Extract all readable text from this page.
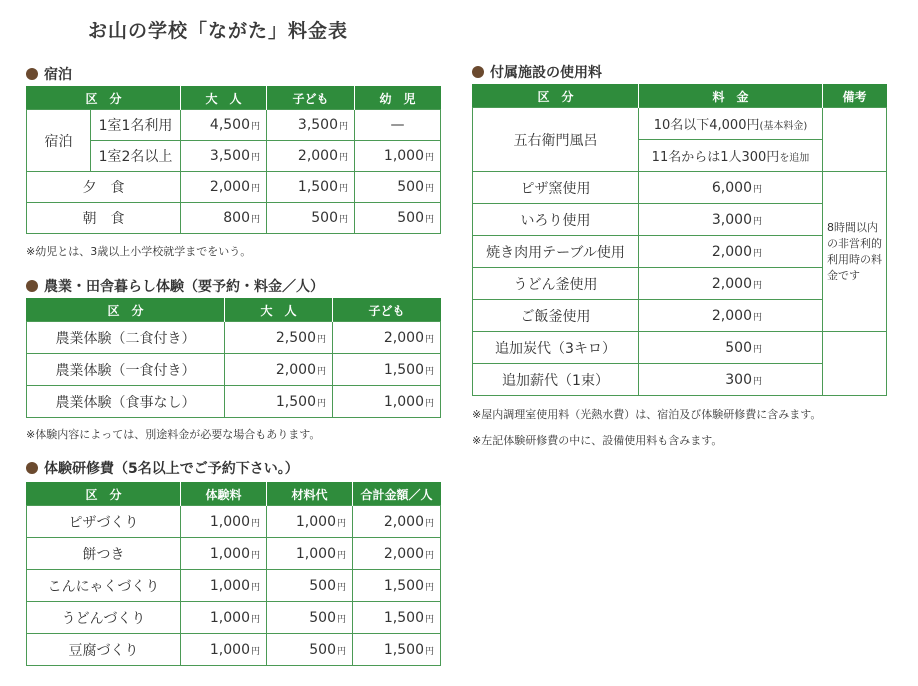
お山の学校「ながた」料金表
宿泊
区　分		大　人	子ども	幼　児
宿泊	1室1名利用	4,500円	3,500円	—
	1室2名以上	3,500円	2,000円	1,000円
夕　食		2,000円	1,500円	500円
朝　食		800円	500円	500円
※幼児とは、3歳以上小学校就学までをいう。
農業・田舎暮らし体験（要予約・料金／人）
区　分	大　人	子ども
農業体験（二食付き）	2,500円	2,000円
農業体験（一食付き）	2,000円	1,500円
農業体験（食事なし）	1,500円	1,000円
※体験内容によっては、別途料金が必要な場合もあります。
体験研修費（5名以上でご予約下さい。）
区　分	体験料	材料代	合計金額／人
ピザづくり	1,000円	1,000円	2,000円
餅つき	1,000円	1,000円	2,000円
こんにゃくづくり	1,000円	500円	1,500円
うどんづくり	1,000円	500円	1,500円
豆腐づくり	1,000円	500円	1,500円
付属施設の使用料
区　分	料　金	備考
五右衛門風呂	10名以下4,000円(基本料金)	
	11名からは1人300円を追加	
ピザ窯使用	6,000円	8時間以内の非営利的利用時の料金です
いろり使用	3,000円	
焼き肉用テーブル使用	2,000円	
うどん釜使用	2,000円	
ご飯釜使用	2,000円	
追加炭代（3キロ）	500円	
追加薪代（1束）	300円	
※屋内調理室使用料（光熱水費）は、宿泊及び体験研修費に含みます。
※左記体験研修費の中に、設備使用料も含みます。
